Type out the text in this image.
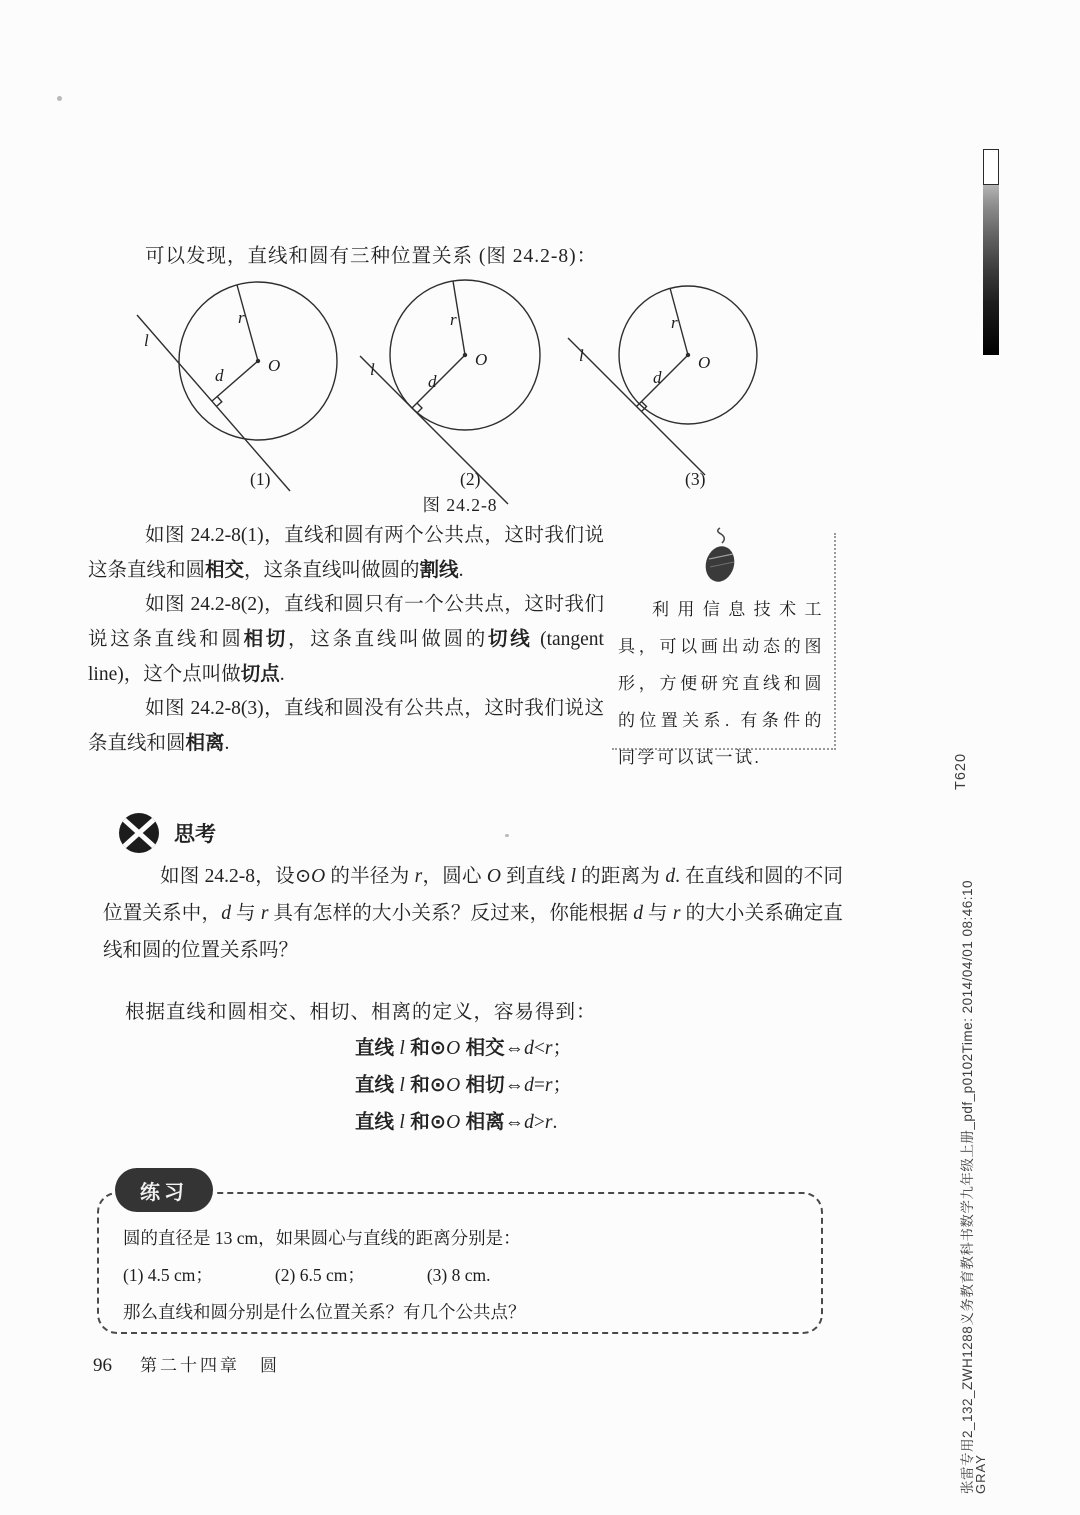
可以发现，直线和圆有三种位置关系 (图 24.2-8)：
l
r
d
O
(1)
l
r
d
O
(2)
l
r
d
O
(3)
图 24.2-8

如图 24.2-8(1)，直线和圆有两个公共点，这时我们说这条直线和圆相交，这条直线叫做圆的割线.

如图 24.2-8(2)，直线和圆只有一个公共点，这时我们说这条直线和圆相切，这条直线叫做圆的切线 (tangent line)，这个点叫做切点.

如图 24.2-8(3)，直线和圆没有公共点，这时我们说这条直线和圆相离.

利用信息技术工具，可以画出动态的图形，方便研究直线和圆的位置关系. 有条件的同学可以试一试.
思考
如图 24.2-8，设⊙O 的半径为 r，圆心 O 到直线 l 的距离为 d. 在直线和圆的不同位置关系中，d 与 r 具有怎样的大小关系？反过来，你能根据 d 与 r 的大小关系确定直线和圆的位置关系吗？
根据直线和圆相交、相切、相离的定义，容易得到：
直线 l 和⊙O 相交⇔d<r；
直线 l 和⊙O 相切⇔d=r；
直线 l 和⊙O 相离⇔d>r.
练习
圆的直径是 13 cm，如果圆心与直线的距离分别是：
(1) 4.5 cm；	(2) 6.5 cm；	(3) 8 cm.
那么直线和圆分别是什么位置关系？有几个公共点？
96 第二十四章　圆
T620
张雷专用2_132_ZWH1288义务教育教科书数学九年级上册_pdf_p0102Time: 2014/04/01 08:46:10
GRAY
